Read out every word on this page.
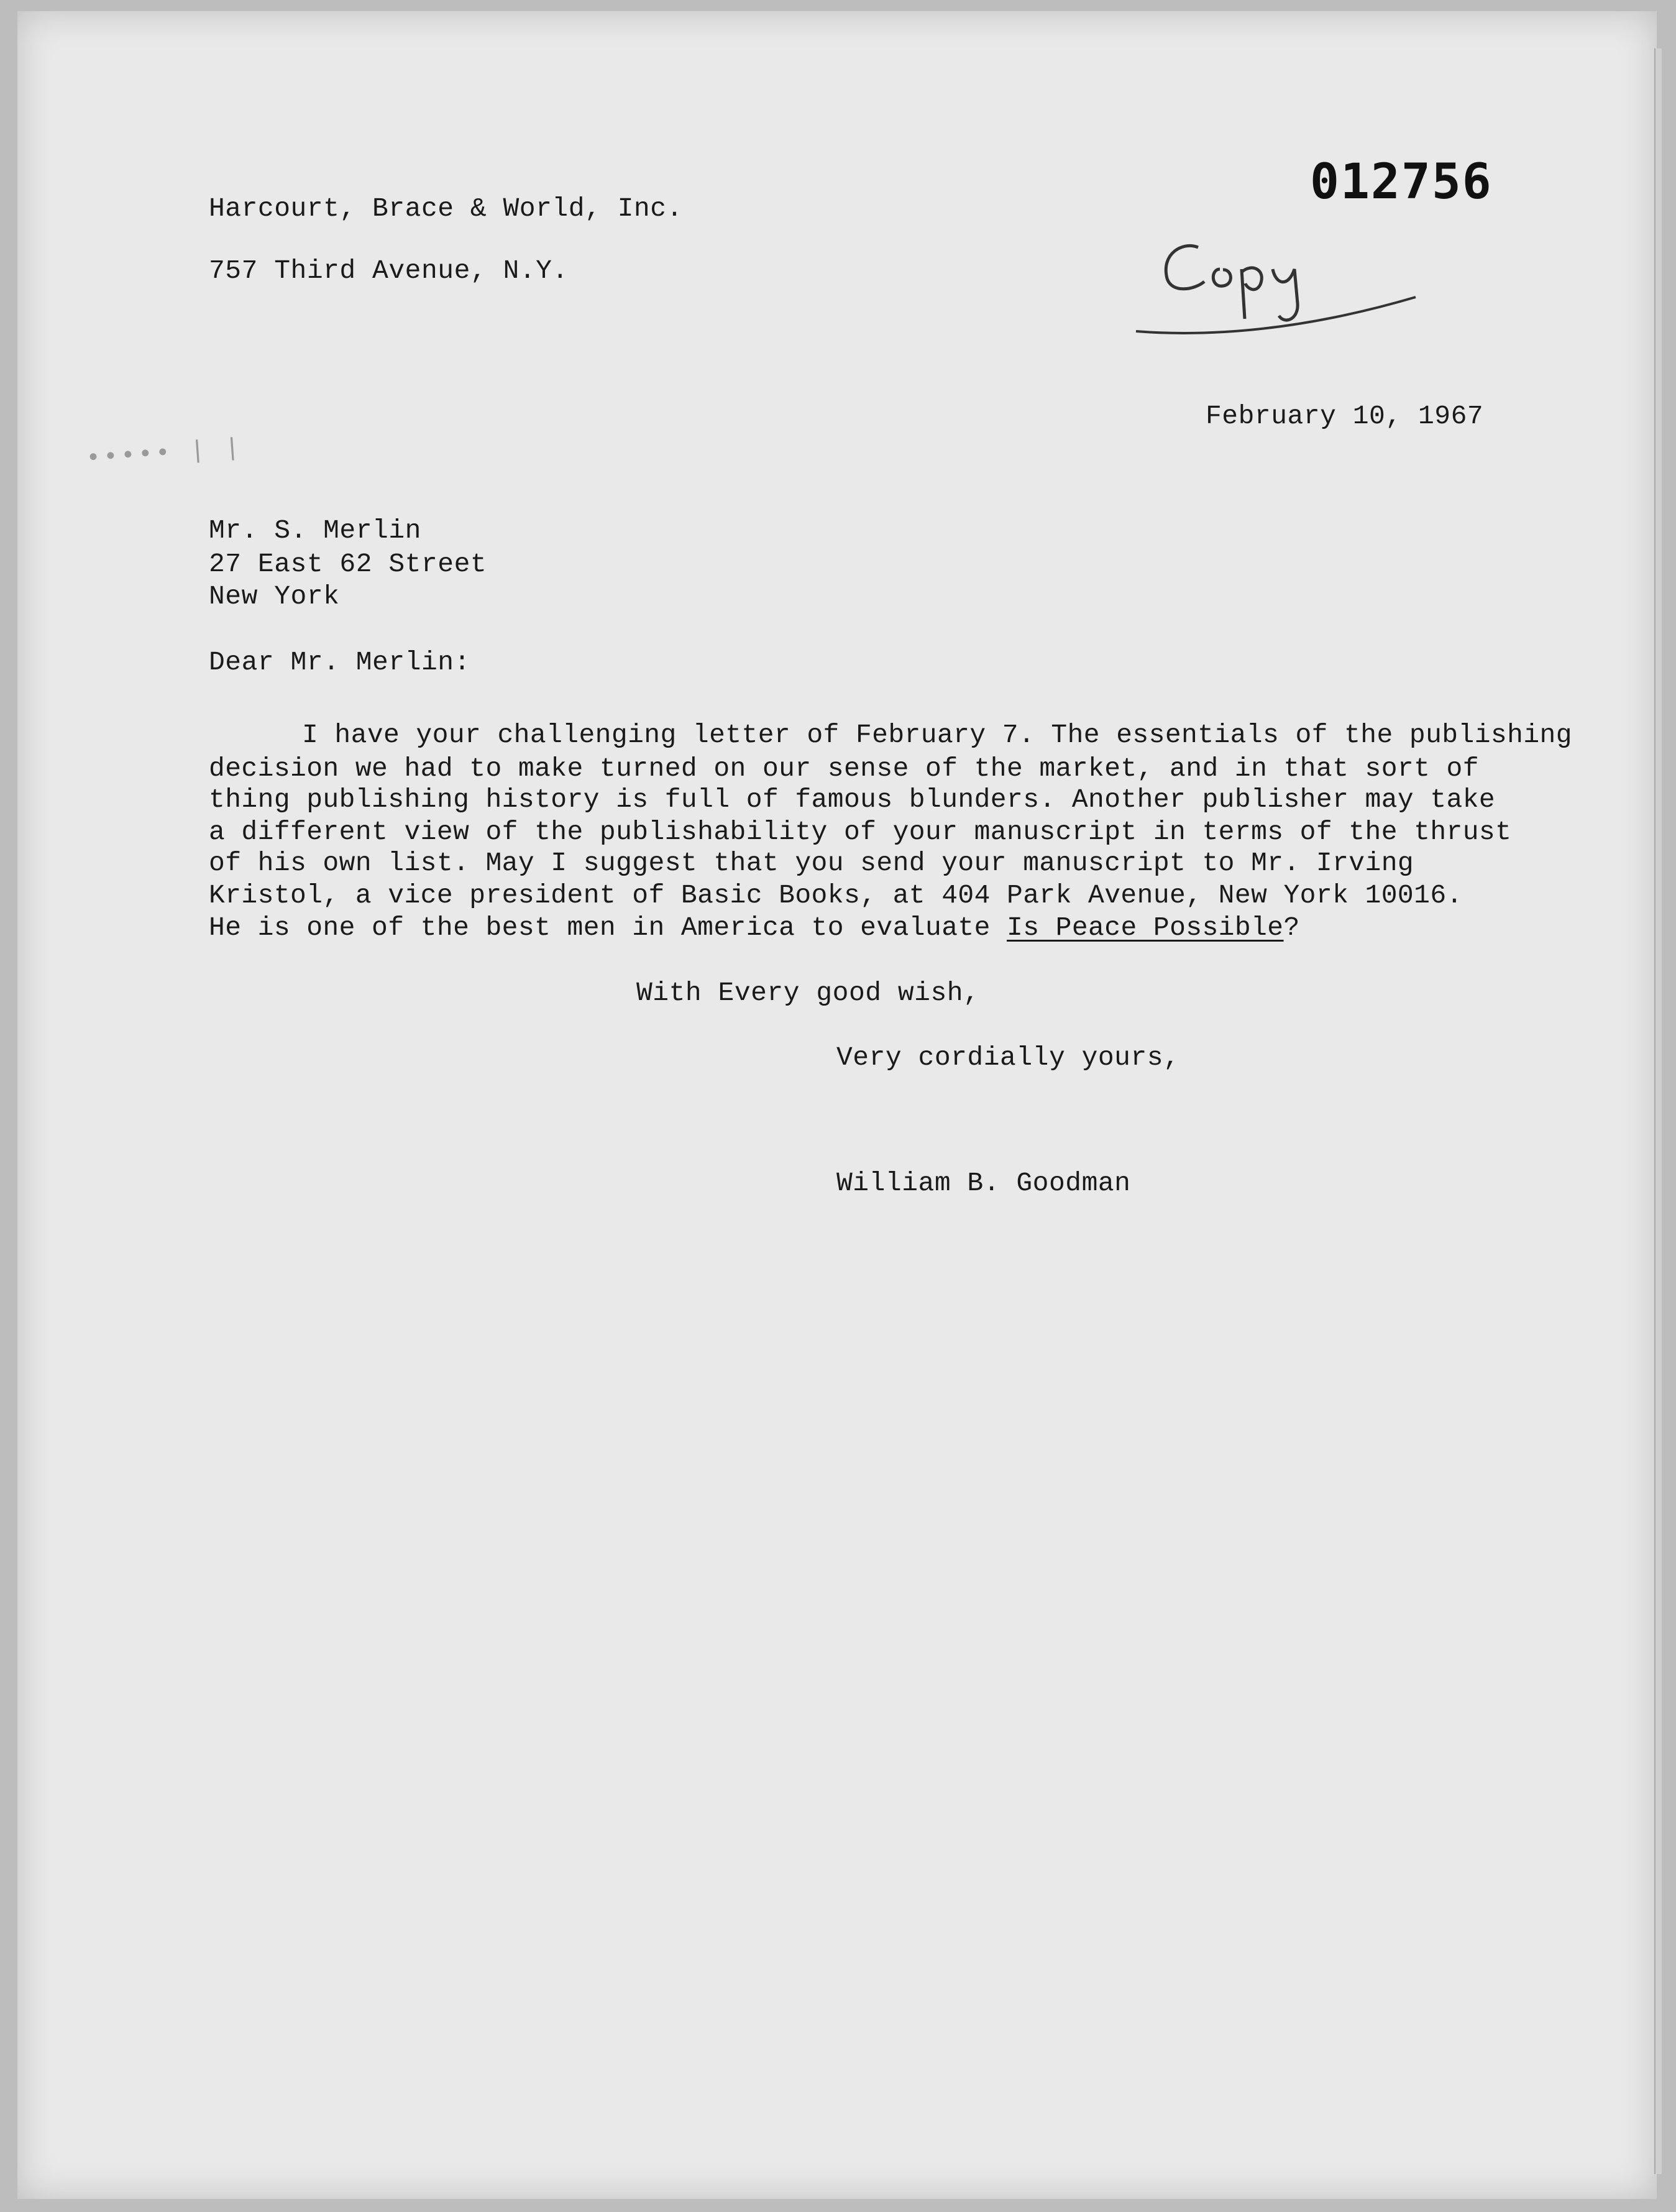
Harcourt, Brace & World, Inc.
757 Third Avenue, N.Y.
012756
••••• | |
February 10, 1967
Mr. S. Merlin
27 East 62 Street
New York
Dear Mr. Merlin:
I have your challenging letter of February 7. The essentials of the publishing
decision we had to make turned on our sense of the market, and in that sort of
thing publishing history is full of famous blunders. Another publisher may take
a different view of the publishability of your manuscript in terms of the thrust
of his own list. May I suggest that you send your manuscript to Mr. Irving
Kristol, a vice president of Basic Books, at 404 Park Avenue, New York 10016.
He is one of the best men in America to evaluate Is Peace Possible?
With Every good wish,
Very cordially yours,
William B. Goodman
